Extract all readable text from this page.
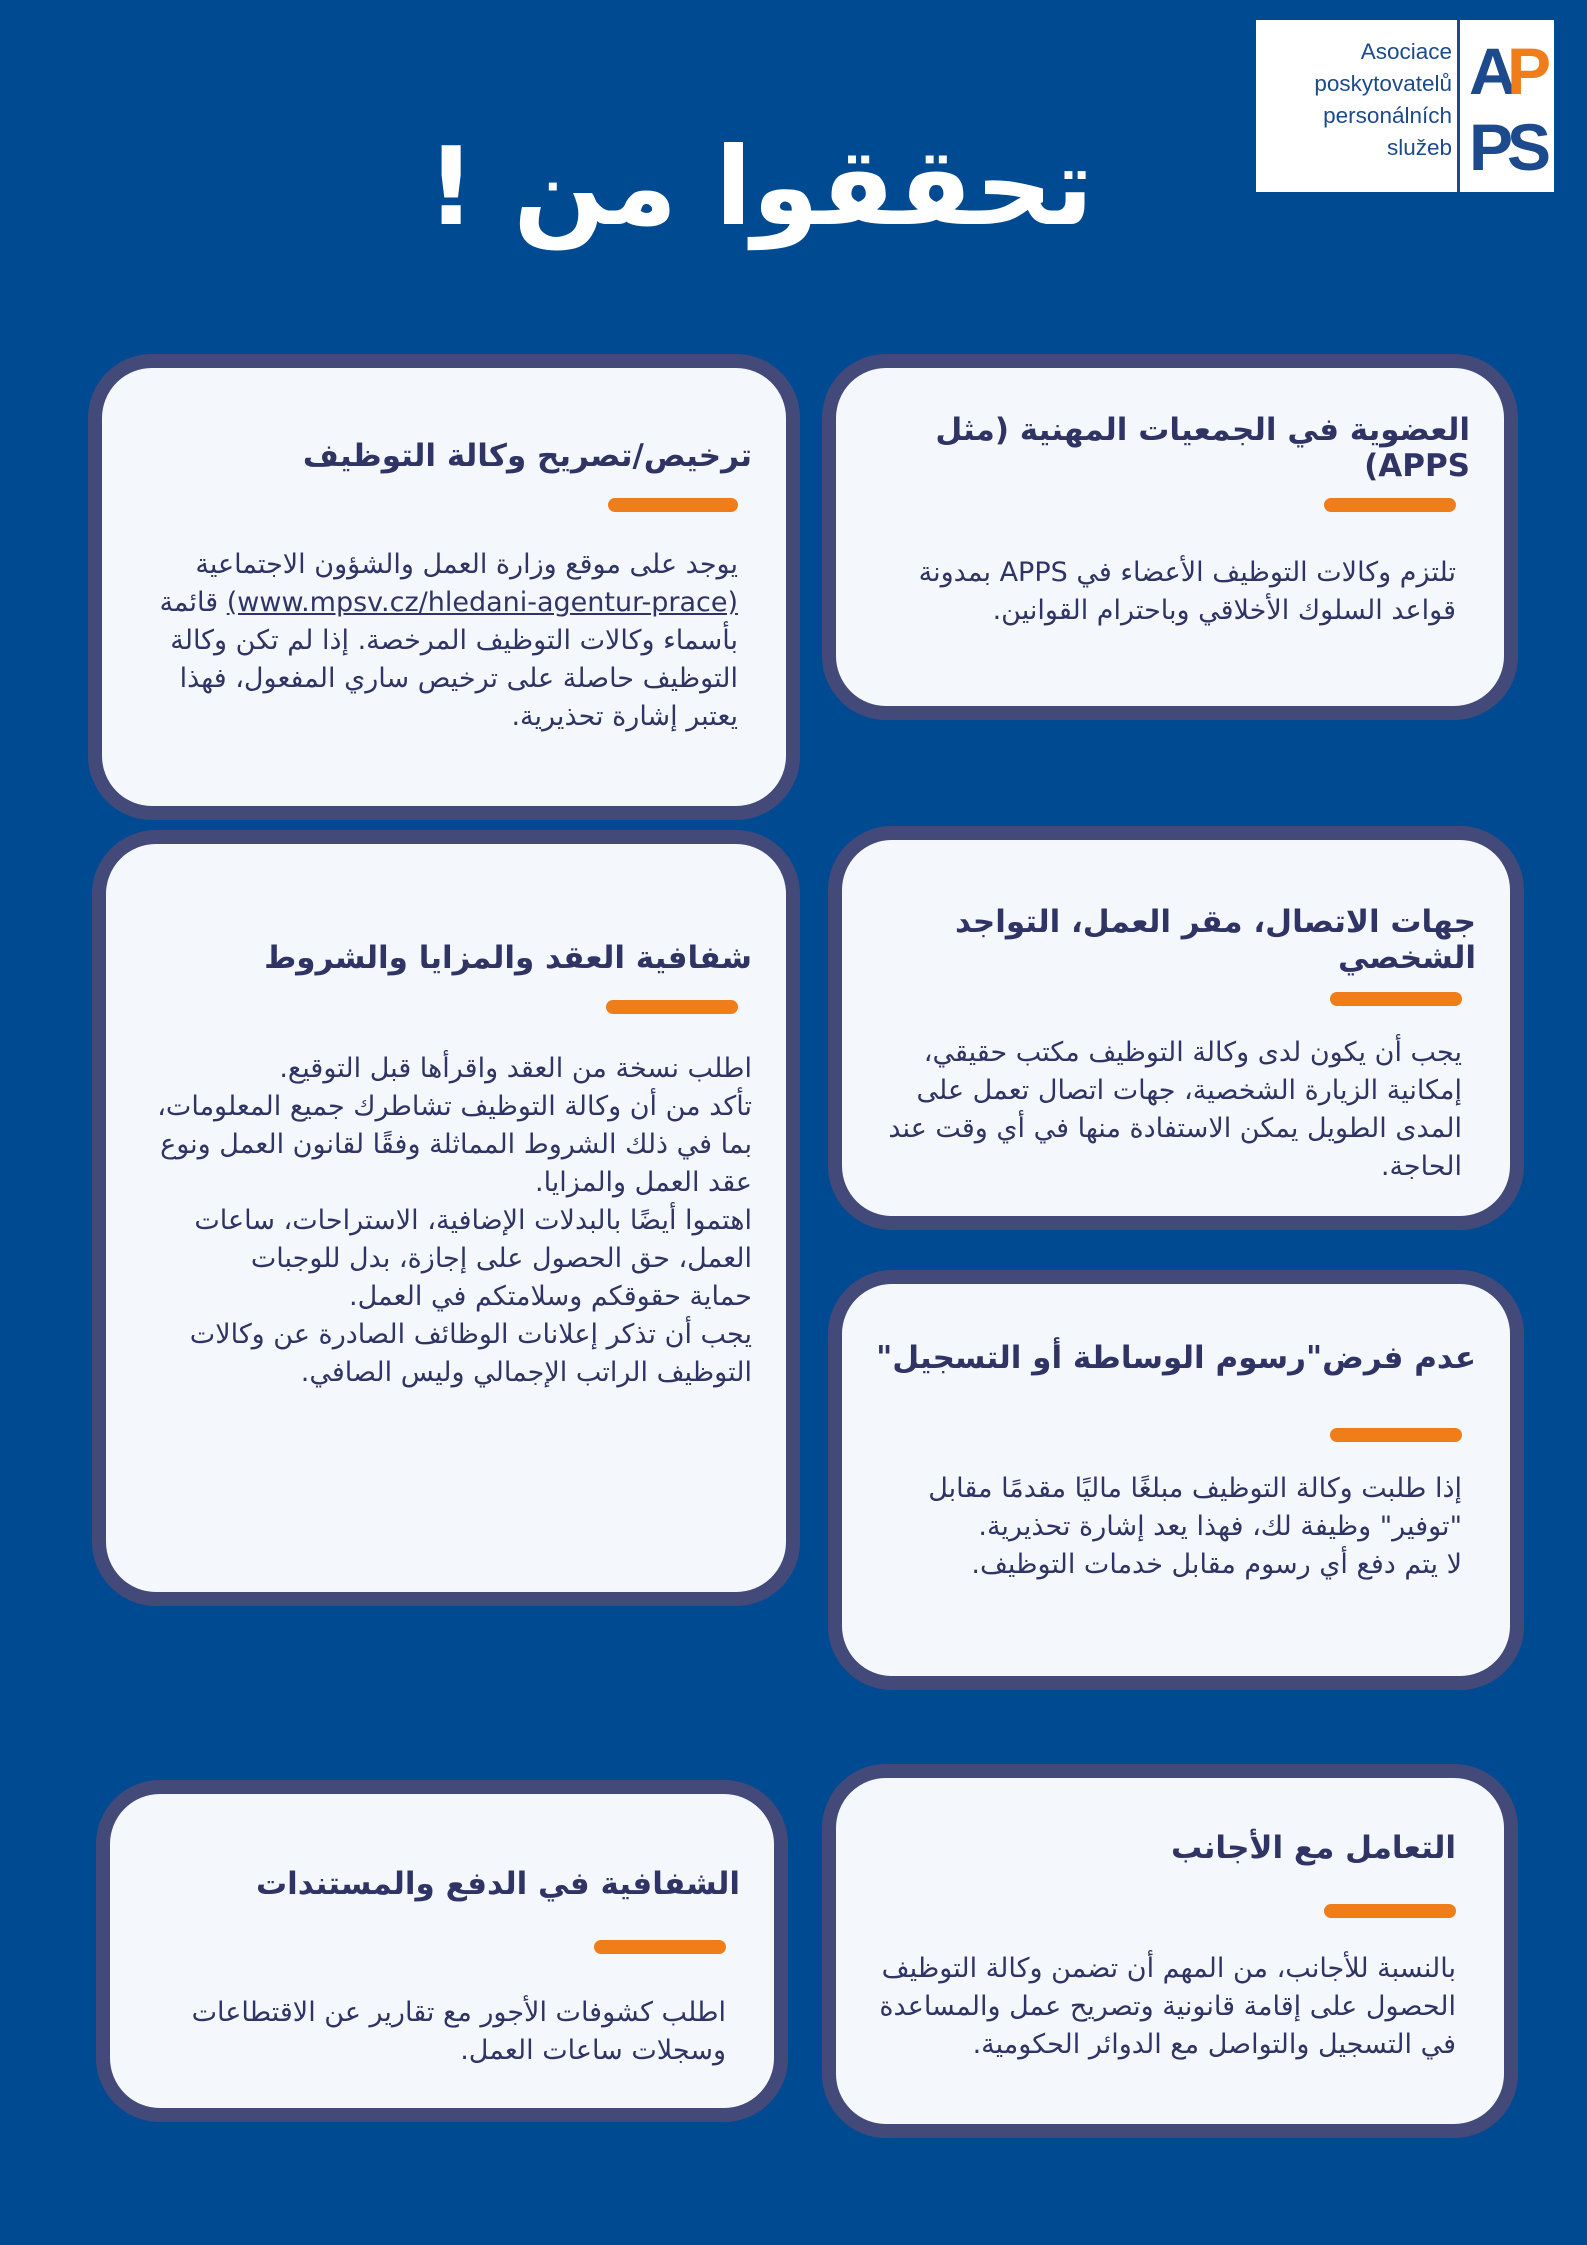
Asociace
poskytovatelů
personálních
služeb
A
P
P
S
تحققوا من !
العضوية في الجمعيات المهنية (مثل APPS)
تلتزم وكالات التوظيف الأعضاء في APPS بمدونة قواعد السلوك الأخلاقي وباحترام القوانين.
ترخيص/تصريح وكالة التوظيف
يوجد على موقع وزارة العمل والشؤون الاجتماعية (www.mpsv.cz/hledani-agentur-prace) قائمة بأسماء وكالات التوظيف المرخصة. إذا لم تكن وكالة التوظيف حاصلة على ترخيص ساري المفعول، فهذا يعتبر إشارة تحذيرية.
شفافية العقد والمزايا والشروط

اطلب نسخة من العقد واقرأها قبل التوقيع.

تأكد من أن وكالة التوظيف تشاطرك جميع المعلومات، بما في ذلك الشروط المماثلة وفقًا لقانون العمل ونوع عقد العمل والمزايا.

اهتموا أيضًا بالبدلات الإضافية، الاستراحات، ساعات العمل، حق الحصول على إجازة، بدل للوجبات

حماية حقوقكم وسلامتكم في العمل.

يجب أن تذكر إعلانات الوظائف الصادرة عن وكالات التوظيف الراتب الإجمالي وليس الصافي.

جهات الاتصال، مقر العمل، التواجد الشخصي
يجب أن يكون لدى وكالة التوظيف مكتب حقيقي، إمكانية الزيارة الشخصية، جهات اتصال تعمل على المدى الطويل يمكن الاستفادة منها في أي وقت عند الحاجة.
عدم فرض"رسوم الوساطة أو التسجيل"

إذا طلبت وكالة التوظيف مبلغًا ماليًا مقدمًا مقابل "توفير" وظيفة لك، فهذا يعد إشارة تحذيرية.

لا يتم دفع أي رسوم مقابل خدمات التوظيف.

التعامل مع الأجانب
بالنسبة للأجانب، من المهم أن تضمن وكالة التوظيف الحصول على إقامة قانونية وتصريح عمل والمساعدة في التسجيل والتواصل مع الدوائر الحكومية.
الشفافية في الدفع والمستندات
اطلب كشوفات الأجور مع تقارير عن الاقتطاعات وسجلات ساعات العمل.
